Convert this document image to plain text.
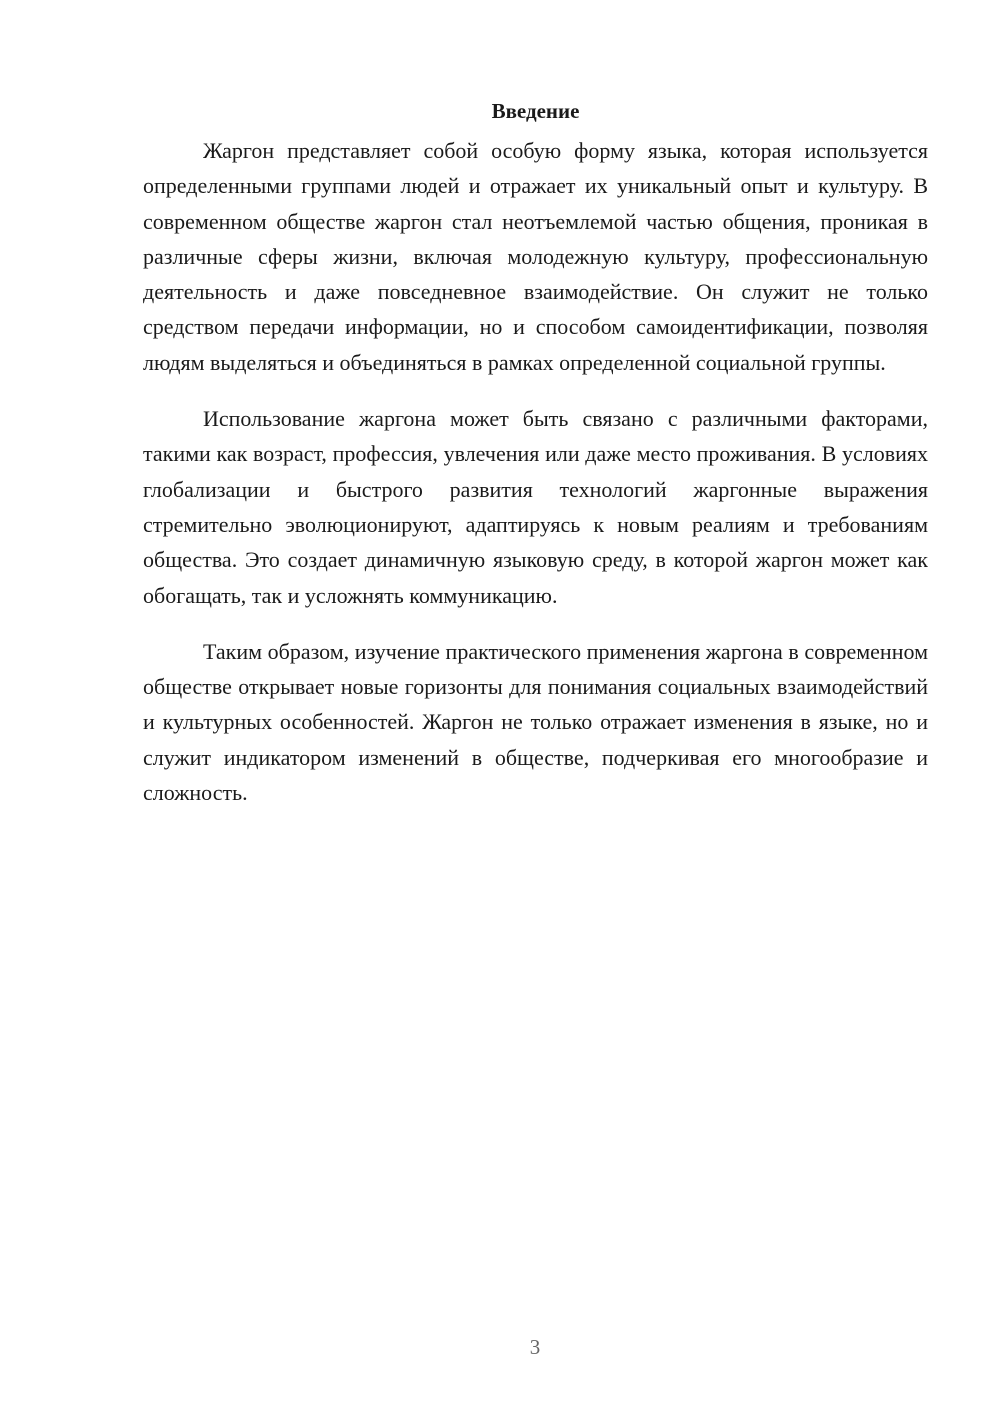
Введение

Жаргон представляет собой особую форму языка, которая используется определенными группами людей и отражает их уникальный опыт и культуру. В современном обществе жаргон стал неотъемлемой частью общения, проникая в различные сферы жизни, включая молодежную культуру, профессиональную деятельность и даже повседневное взаимодействие. Он служит не только средством передачи информации, но и способом самоидентификации, позволяя людям выделяться и объединяться в рамках определенной социальной группы.

Использование жаргона может быть связано с различными факторами, такими как возраст, профессия, увлечения или даже место проживания. В условиях глобализации и быстрого развития технологий жаргонные выражения стремительно эволюционируют, адаптируясь к новым реалиям и требованиям общества. Это создает динамичную языковую среду, в которой жаргон может как обогащать, так и усложнять коммуникацию.

Таким образом, изучение практического применения жаргона в современном обществе открывает новые горизонты для понимания социальных взаимодействий и культурных особенностей. Жаргон не только отражает изменения в языке, но и служит индикатором изменений в обществе, подчеркивая его многообразие и сложность.

3
